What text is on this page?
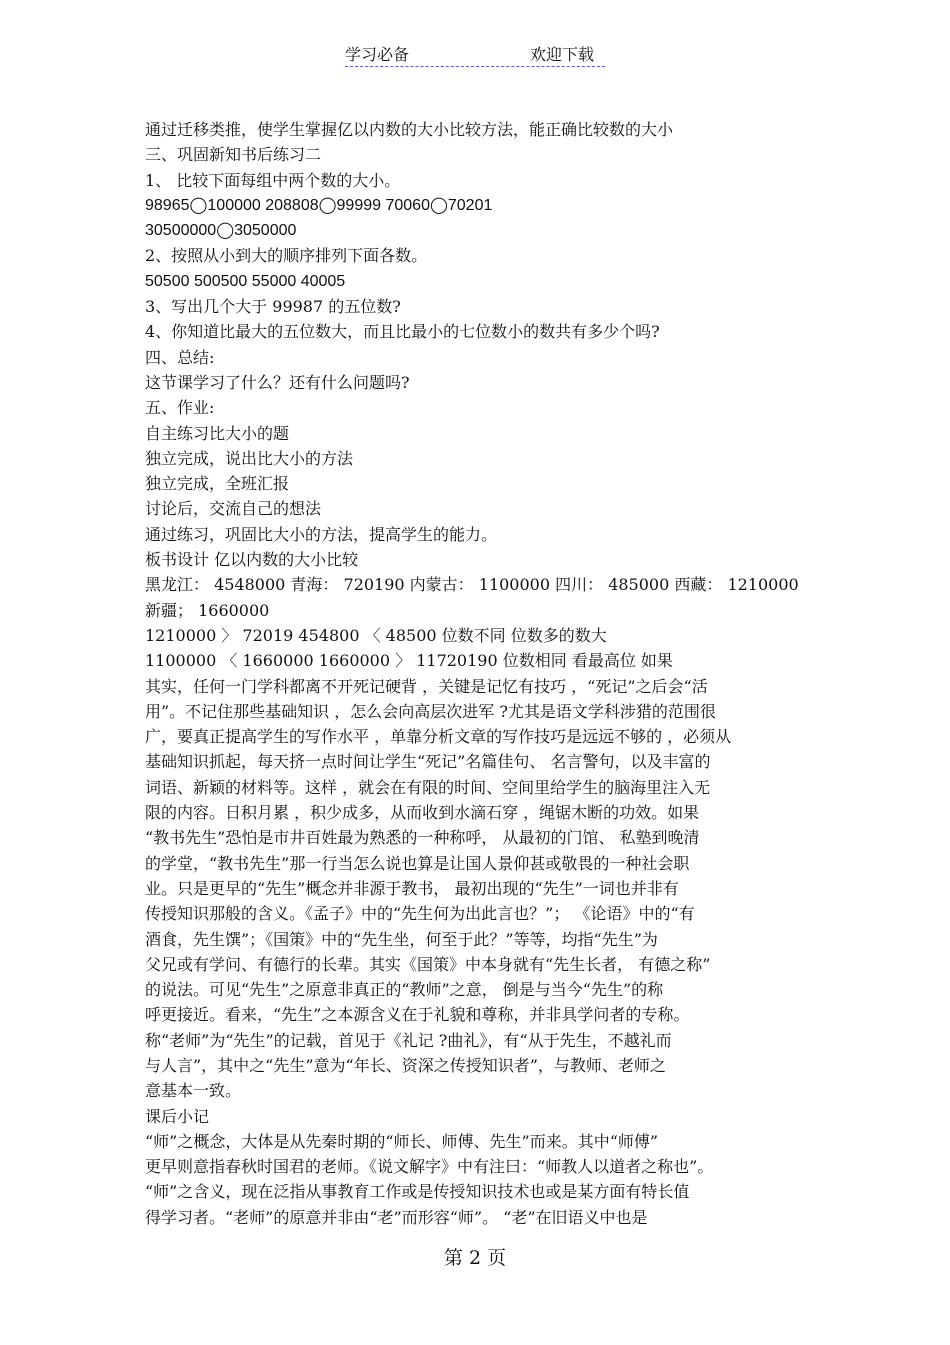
学习必备	欢迎下载
通过迁移类推，使学生掌握亿以内数的大小比较方法，能正确比较数的大小
三、巩固新知书后练习二
1、 比较下面每组中两个数的大小。
98965◯100000 208808◯99999 70060◯70201
30500000◯3050000
2、按照从小到大的顺序排列下面各数。
50500 500500 55000 40005
3、写出几个大于 99987 的五位数?
4、你知道比最大的五位数大，而且比最小的七位数小的数共有多少个吗?
四、总结:
这节课学习了什么？还有什么问题吗?
五、作业:
自主练习比大小的题
独立完成，说出比大小的方法
独立完成，全班汇报
讨论后，交流自己的想法
通过练习，巩固比大小的方法，提高学生的能力。
板书设计 亿以内数的大小比较
黑龙江： 4548000 青海： 720190 内蒙古： 1100000 四川： 485000 西藏： 1210000
新疆； 1660000
1210000 〉 72019 454800 〈 48500 位数不同 位数多的数大
1100000 〈 1660000 1660000 〉 11720190 位数相同 看最高位 如果
其实，任何一门学科都离不开死记硬背 ，关键是记忆有技巧 ，“死记”之后会“活
用”。不记住那些基础知识 ，怎么会向高层次进军 ?尤其是语文学科涉猎的范围很
广，要真正提高学生的写作水平 ，单靠分析文章的写作技巧是远远不够的 ，必须从
基础知识抓起，每天挤一点时间让学生“死记”名篇佳句、 名言警句，以及丰富的
词语、新颖的材料等。这样 ，就会在有限的时间、空间里给学生的脑海里注入无
限的内容。日积月累 ，积少成多，从而收到水滴石穿 ，绳锯木断的功效。如果
“教书先生”恐怕是市井百姓最为熟悉的一种称呼， 从最初的门馆、 私塾到晚清
的学堂，“教书先生”那一行当怎么说也算是让国人景仰甚或敬畏的一种社会职
业。只是更早的“先生”概念并非源于教书， 最初出现的“先生”一词也并非有
传授知识那般的含义。《孟子》中的“先生何为出此言也？”； 《论语》中的“有
酒食，先生馔”；《国策》中的“先生坐，何至于此？”等等，均指“先生”为
父兄或有学问、有德行的长辈。其实《国策》中本身就有“先生长者， 有德之称”
的说法。可见“先生”之原意非真正的“教师”之意， 倒是与当今“先生”的称
呼更接近。看来，“先生”之本源含义在于礼貌和尊称，并非具学问者的专称。
称“老师”为“先生”的记载，首见于《礼记 ?曲礼》，有“从于先生，不越礼而
与人言”，其中之“先生”意为“年长、资深之传授知识者”，与教师、老师之
意基本一致。
课后小记
“师”之概念，大体是从先秦时期的“师长、师傅、先生”而来。其中“师傅”
更早则意指春秋时国君的老师。《说文解字》中有注曰：“师教人以道者之称也”。
“师”之含义，现在泛指从事教育工作或是传授知识技术也或是某方面有特长值
得学习者。“老师”的原意并非由“老”而形容“师”。 “老”在旧语义中也是
第 2 页
